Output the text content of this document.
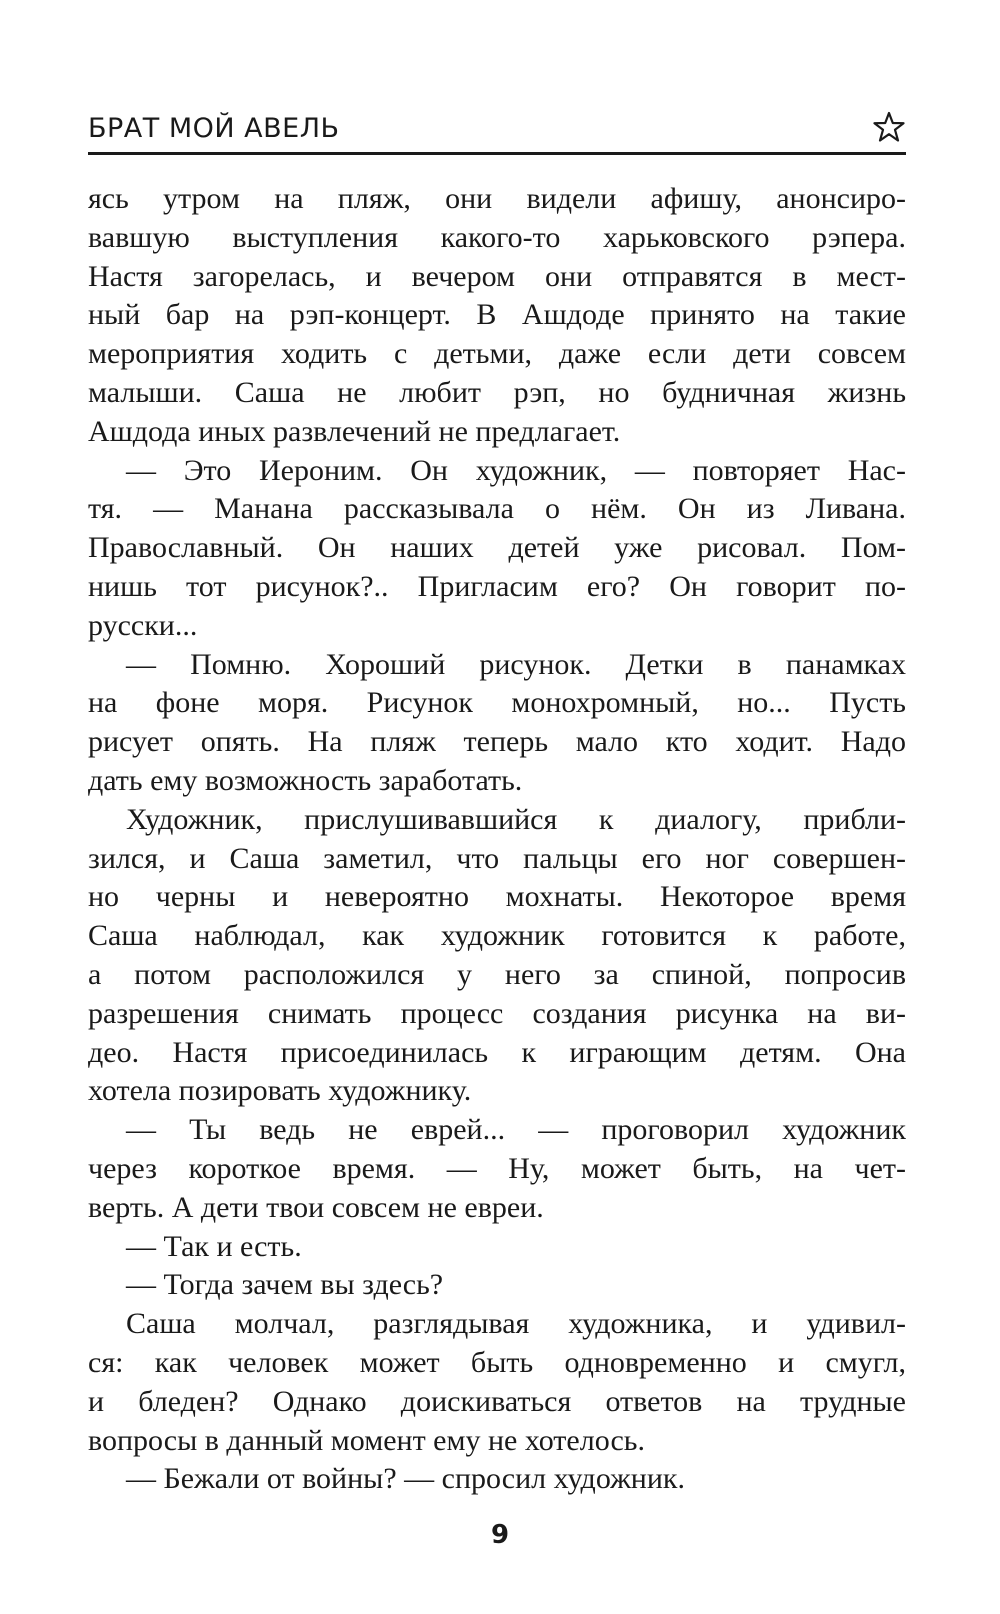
БРАТ МОЙ АВЕЛЬ
ясь утром на пляж, они видели афишу, анонсиро-
вавшую выступления какого-то харьковского рэпера.
Настя загорелась, и вечером они отправятся в мест-
ный бар на рэп-концерт. В Ашдоде принято на такие
мероприятия ходить с детьми, даже если дети совсем
малыши. Саша не любит рэп, но будничная жизнь
Ашдода иных развлечений не предлагает.
— Это Иероним. Он художник, — повторяет Нас-
тя. — Манана рассказывала о нём. Он из Ливана.
Православный. Он наших детей уже рисовал. Пом-
нишь тот рисунок?.. Пригласим его? Он говорит по-
русски...
— Помню. Хороший рисунок. Детки в панамках
на фоне моря. Рисунок монохромный, но... Пусть
рисует опять. На пляж теперь мало кто ходит. Надо
дать ему возможность заработать.
Художник, прислушивавшийся к диалогу, прибли-
зился, и Саша заметил, что пальцы его ног совершен-
но черны и невероятно мохнаты. Некоторое время
Саша наблюдал, как художник готовится к работе,
а потом расположился у него за спиной, попросив
разрешения снимать процесс создания рисунка на ви-
део. Настя присоединилась к играющим детям. Она
хотела позировать художнику.
— Ты ведь не еврей... — проговорил художник
через короткое время. — Ну, может быть, на чет-
верть. А дети твои совсем не евреи.
— Так и есть.
— Тогда зачем вы здесь?
Саша молчал, разглядывая художника, и удивил-
ся: как человек может быть одновременно и смугл,
и бледен? Однако доискиваться ответов на трудные
вопросы в данный момент ему не хотелось.
— Бежали от войны? — спросил художник.
9
